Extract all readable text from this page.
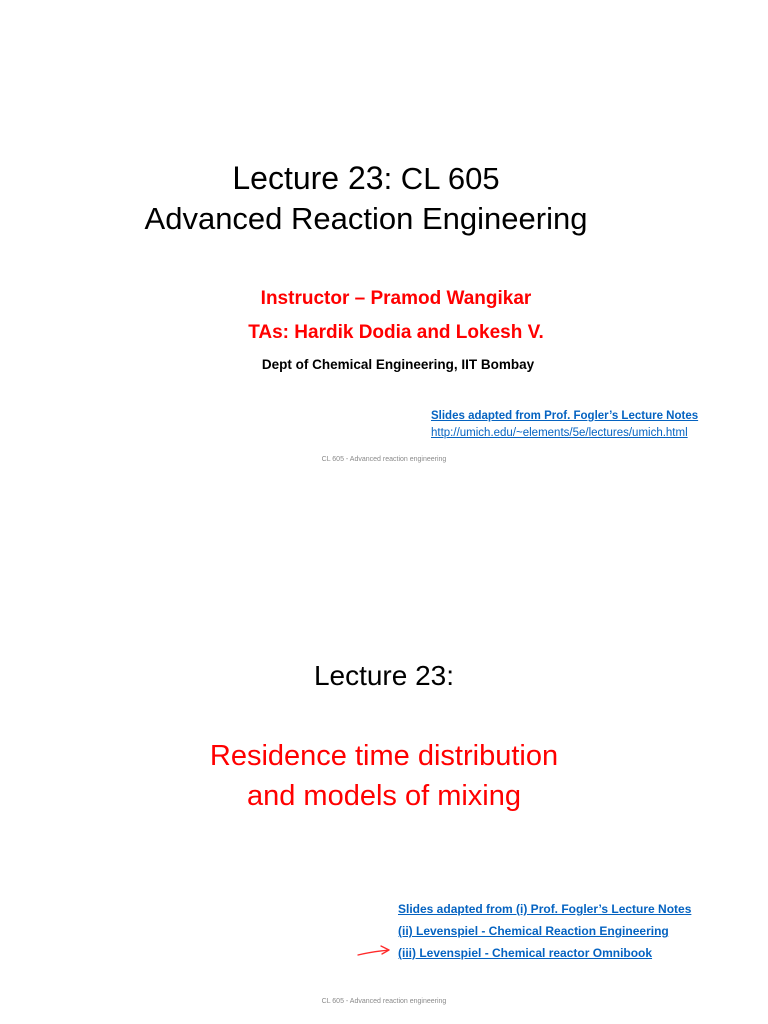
Lecture 23: CL 605
Advanced Reaction Engineering
Instructor – Pramod Wangikar
TAs: Hardik Dodia and Lokesh V.
Dept of Chemical Engineering, IIT Bombay
Slides adapted from Prof. Fogler’s Lecture Notes
http://umich.edu/~elements/5e/lectures/umich.html
CL 605 - Advanced reaction engineering
Lecture 23:
Residence time distribution
and models of mixing
Slides adapted from (i) Prof. Fogler’s Lecture Notes
(ii) Levenspiel - Chemical Reaction Engineering
(iii) Levenspiel - Chemical reactor Omnibook
CL 605 - Advanced reaction engineering
